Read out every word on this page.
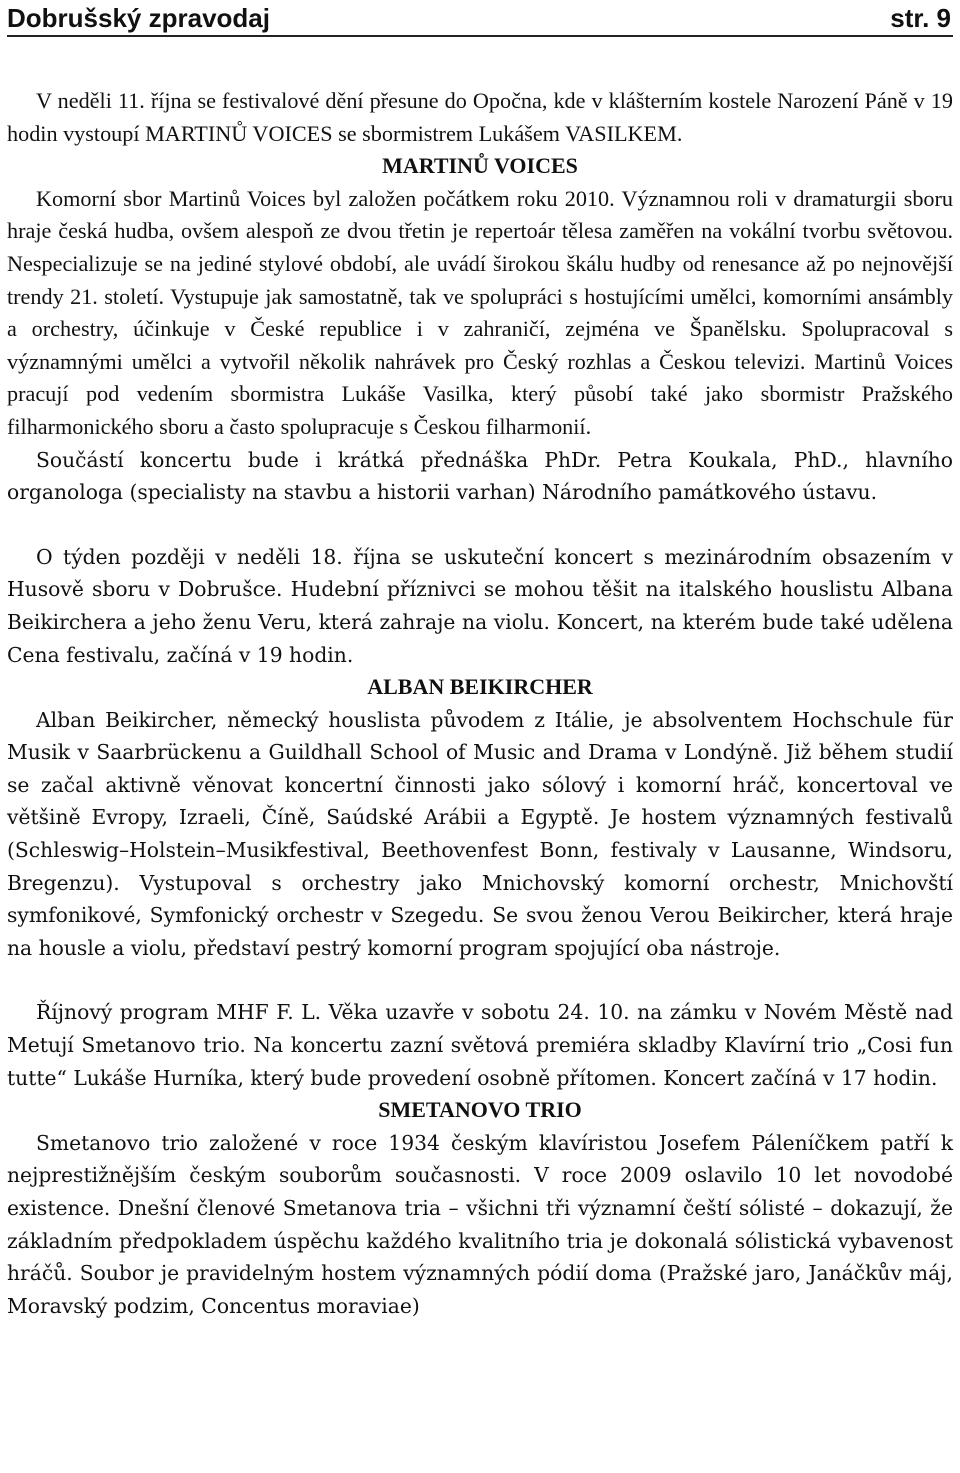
Dobrušský zpravodaj	str. 9

V neděli 11. října se festivalové dění přesune do Opočna, kde v klášterním kostele Narození Páně v 19 hodin vystoupí MARTINŮ VOICES se sbormistrem Lukášem VASILKEM.

MARTINŮ VOICES

Komorní sbor Martinů Voices byl založen počátkem roku 2010. Významnou roli v dramaturgii sboru hraje česká hudba, ovšem alespoň ze dvou třetin je repertoár tělesa zaměřen na vokální tvorbu světovou. Nespecializuje se na jediné stylové období, ale uvádí širokou škálu hudby od renesance až po nejnovější trendy 21. století. Vystupuje jak samostatně, tak ve spolupráci s hostujícími umělci, komorními ansámbly a orchestry, účinkuje v České republice i v zahraničí, zejména ve Španělsku. Spolupracoval s významnými umělci a vytvořil několik nahrávek pro Český rozhlas a Českou televizi. Martinů Voices pracují pod vedením sbormistra Lukáše Vasilka, který působí také jako sbormistr Pražského filharmonického sboru a často spolupracuje s Českou filharmonií.

Součástí koncertu bude i krátká přednáška PhDr. Petra Koukala, PhD., hlavního organologa (specialisty na stavbu a historii varhan) Národního památkového ústavu.

O týden později v neděli 18. října se uskuteční koncert s mezinárodním obsazením v Husově sboru v Dobrušce. Hudební příznivci se mohou těšit na italského houslistu Albana Beikirchera a jeho ženu Veru, která zahraje na violu. Koncert, na kterém bude také udělena Cena festivalu, začíná v 19 hodin.

ALBAN BEIKIRCHER

Alban Beikircher, německý houslista původem z Itálie, je absolventem Hochschule für Musik v Saarbrückenu a Guildhall School of Music and Drama v Londýně. Již během studií se začal aktivně věnovat koncertní činnosti jako sólový i komorní hráč, koncertoval ve většině Evropy, Izraeli, Číně, Saúdské Arábii a Egyptě. Je hostem významných festivalů (Schleswig–Holstein–Musikfestival, Beethovenfest Bonn, festivaly v Lausanne, Windsoru, Bregenzu). Vystupoval s orchestry jako Mnichovský komorní orchestr, Mnichovští symfonikové, Symfonický orchestr v Szegedu. Se svou ženou Verou Beikircher, která hraje na housle a violu, představí pestrý komorní program spojující oba nástroje.

Říjnový program MHF F. L. Věka uzavře v sobotu 24. 10. na zámku v Novém Městě nad Metují Smetanovo trio. Na koncertu zazní světová premiéra skladby Klavírní trio „Cosi fun tutte“ Lukáše Hurníka, který bude provedení osobně přítomen. Koncert začíná v 17 hodin.

SMETANOVO TRIO

Smetanovo trio založené v roce 1934 českým klavíristou Josefem Páleníčkem patří k nejprestižnějším českým souborům současnosti. V roce 2009 oslavilo 10 let novodobé existence. Dnešní členové Smetanova tria – všichni tři významní čeští sólisté – dokazují, že základním předpokladem úspěchu každého kvalitního tria je dokonalá sólistická vybavenost hráčů. Soubor je pravidelným hostem významných pódií doma (Pražské jaro, Janáčkův máj, Moravský podzim, Concentus moraviae)
